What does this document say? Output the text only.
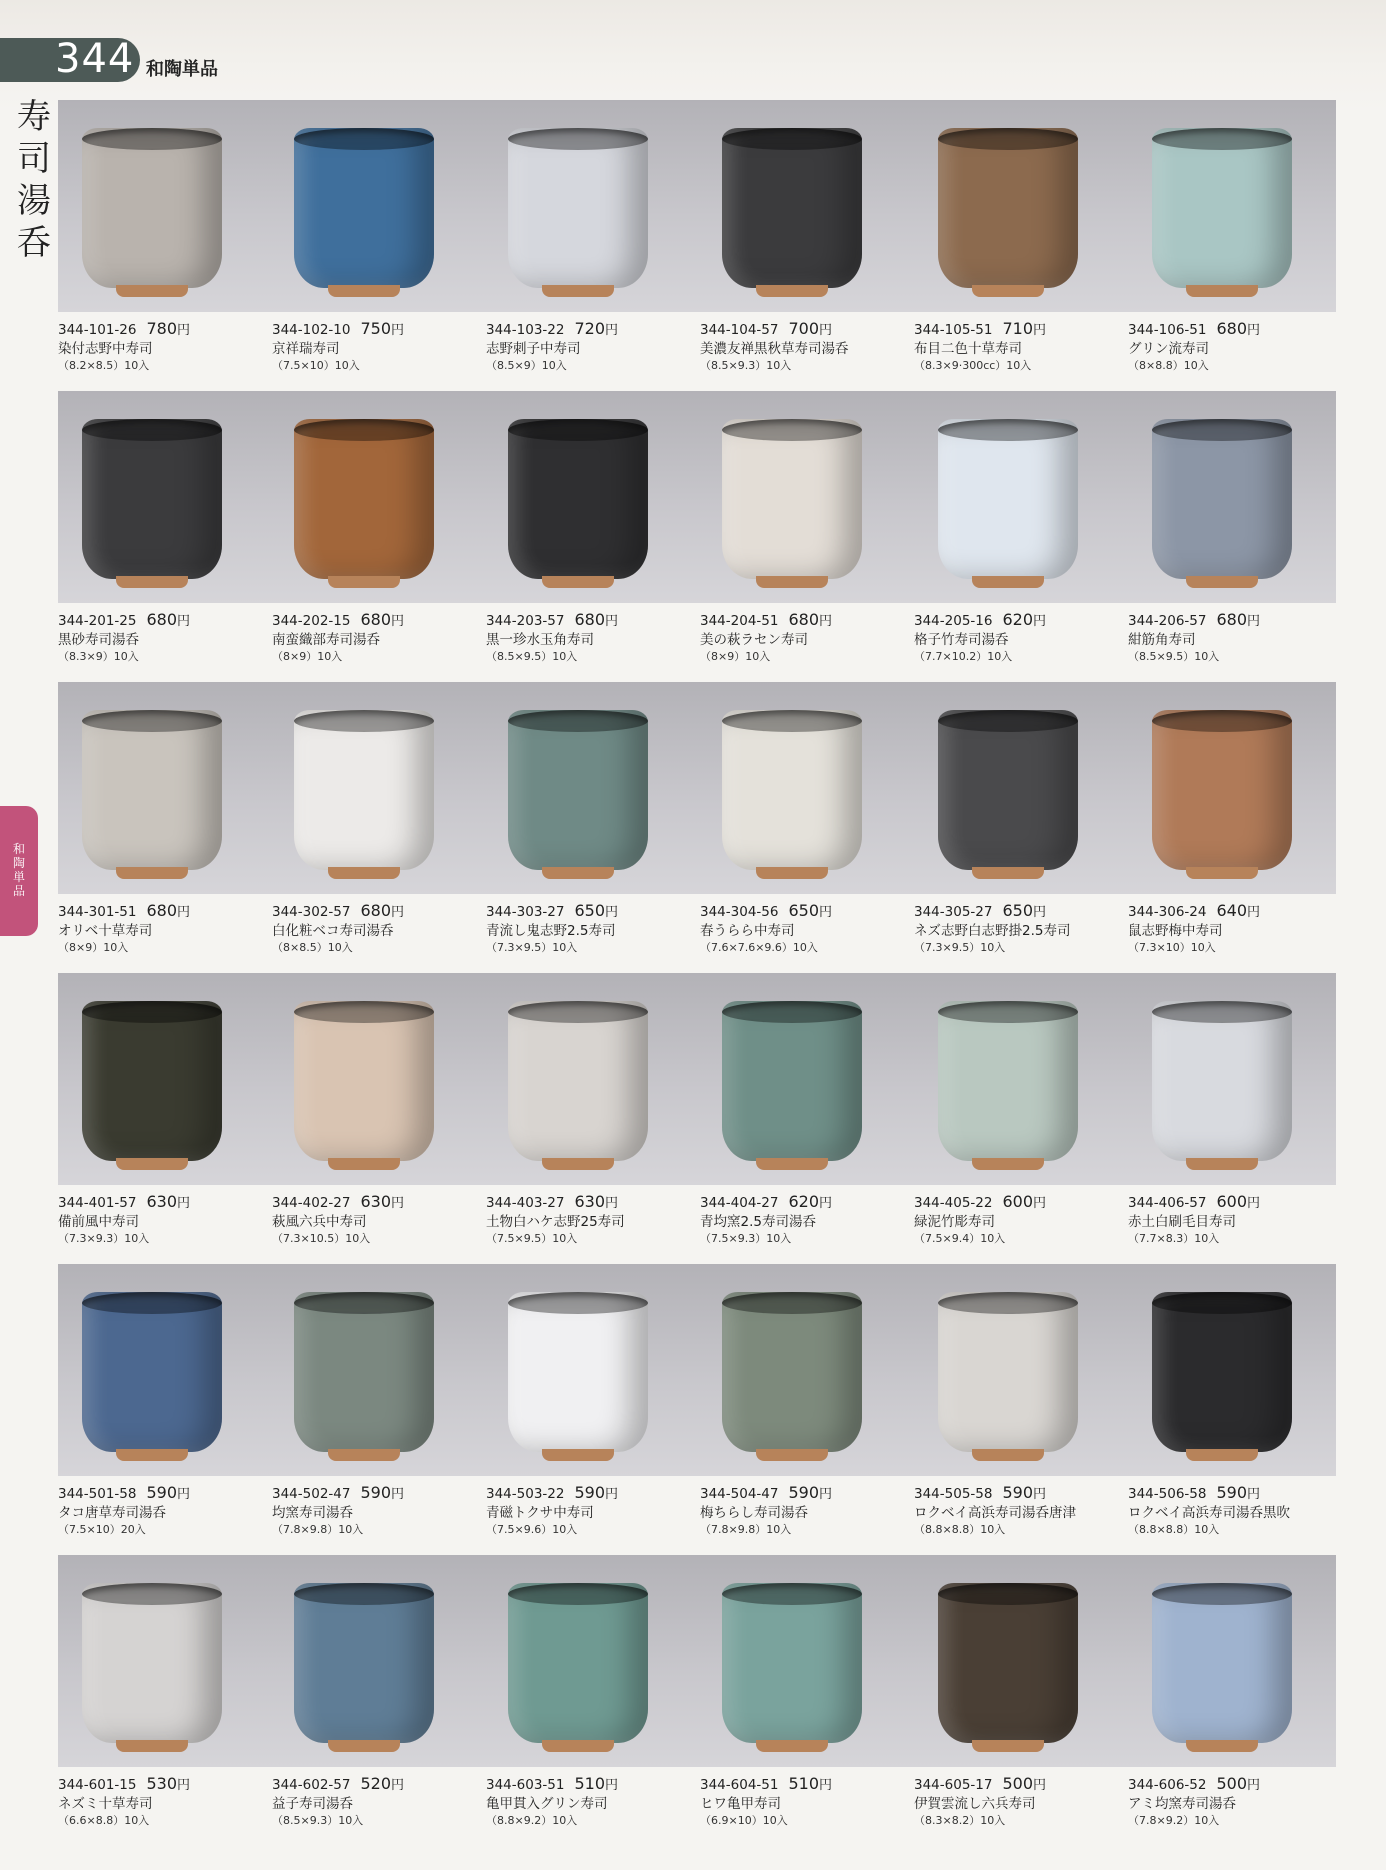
344 和陶単品
寿
司
湯
呑
和陶単品
344-101-26 780円
染付志野中寿司
（8.2×8.5）10入
344-102-10 750円
京祥瑞寿司
（7.5×10）10入
344-103-22 720円
志野刺子中寿司
（8.5×9）10入
344-104-57 700円
美濃友禅黒秋草寿司湯呑
（8.5×9.3）10入
344-105-51 710円
布目二色十草寿司
（8.3×9·300cc）10入
344-106-51 680円
グリン流寿司
（8×8.8）10入
344-201-25 680円
黒砂寿司湯呑
（8.3×9）10入
344-202-15 680円
南蛮織部寿司湯呑
（8×9）10入
344-203-57 680円
黒一珍水玉角寿司
（8.5×9.5）10入
344-204-51 680円
美の萩ラセン寿司
（8×9）10入
344-205-16 620円
格子竹寿司湯呑
（7.7×10.2）10入
344-206-57 680円
紺筋角寿司
（8.5×9.5）10入
344-301-51 680円
オリベ十草寿司
（8×9）10入
344-302-57 680円
白化粧ベコ寿司湯呑
（8×8.5）10入
344-303-27 650円
青流し鬼志野2.5寿司
（7.3×9.5）10入
344-304-56 650円
春うらら中寿司
（7.6×7.6×9.6）10入
344-305-27 650円
ネズ志野白志野掛2.5寿司
（7.3×9.5）10入
344-306-24 640円
鼠志野梅中寿司
（7.3×10）10入
344-401-57 630円
備前風中寿司
（7.3×9.3）10入
344-402-27 630円
萩風六兵中寿司
（7.3×10.5）10入
344-403-27 630円
土物白ハケ志野25寿司
（7.5×9.5）10入
344-404-27 620円
青均窯2.5寿司湯呑
（7.5×9.3）10入
344-405-22 600円
緑泥竹彫寿司
（7.5×9.4）10入
344-406-57 600円
赤土白刷毛目寿司
（7.7×8.3）10入
344-501-58 590円
タコ唐草寿司湯呑
（7.5×10）20入
344-502-47 590円
均窯寿司湯呑
（7.8×9.8）10入
344-503-22 590円
青磁トクサ中寿司
（7.5×9.6）10入
344-504-47 590円
梅ちらし寿司湯呑
（7.8×9.8）10入
344-505-58 590円
ロクベイ高浜寿司湯呑唐津
（8.8×8.8）10入
344-506-58 590円
ロクベイ高浜寿司湯呑黒吹
（8.8×8.8）10入
344-601-15 530円
ネズミ十草寿司
（6.6×8.8）10入
344-602-57 520円
益子寿司湯呑
（8.5×9.3）10入
344-603-51 510円
亀甲貫入グリン寿司
（8.8×9.2）10入
344-604-51 510円
ヒワ亀甲寿司
（6.9×10）10入
344-605-17 500円
伊賀雲流し六兵寿司
（8.3×8.2）10入
344-606-52 500円
アミ均窯寿司湯呑
（7.8×9.2）10入
